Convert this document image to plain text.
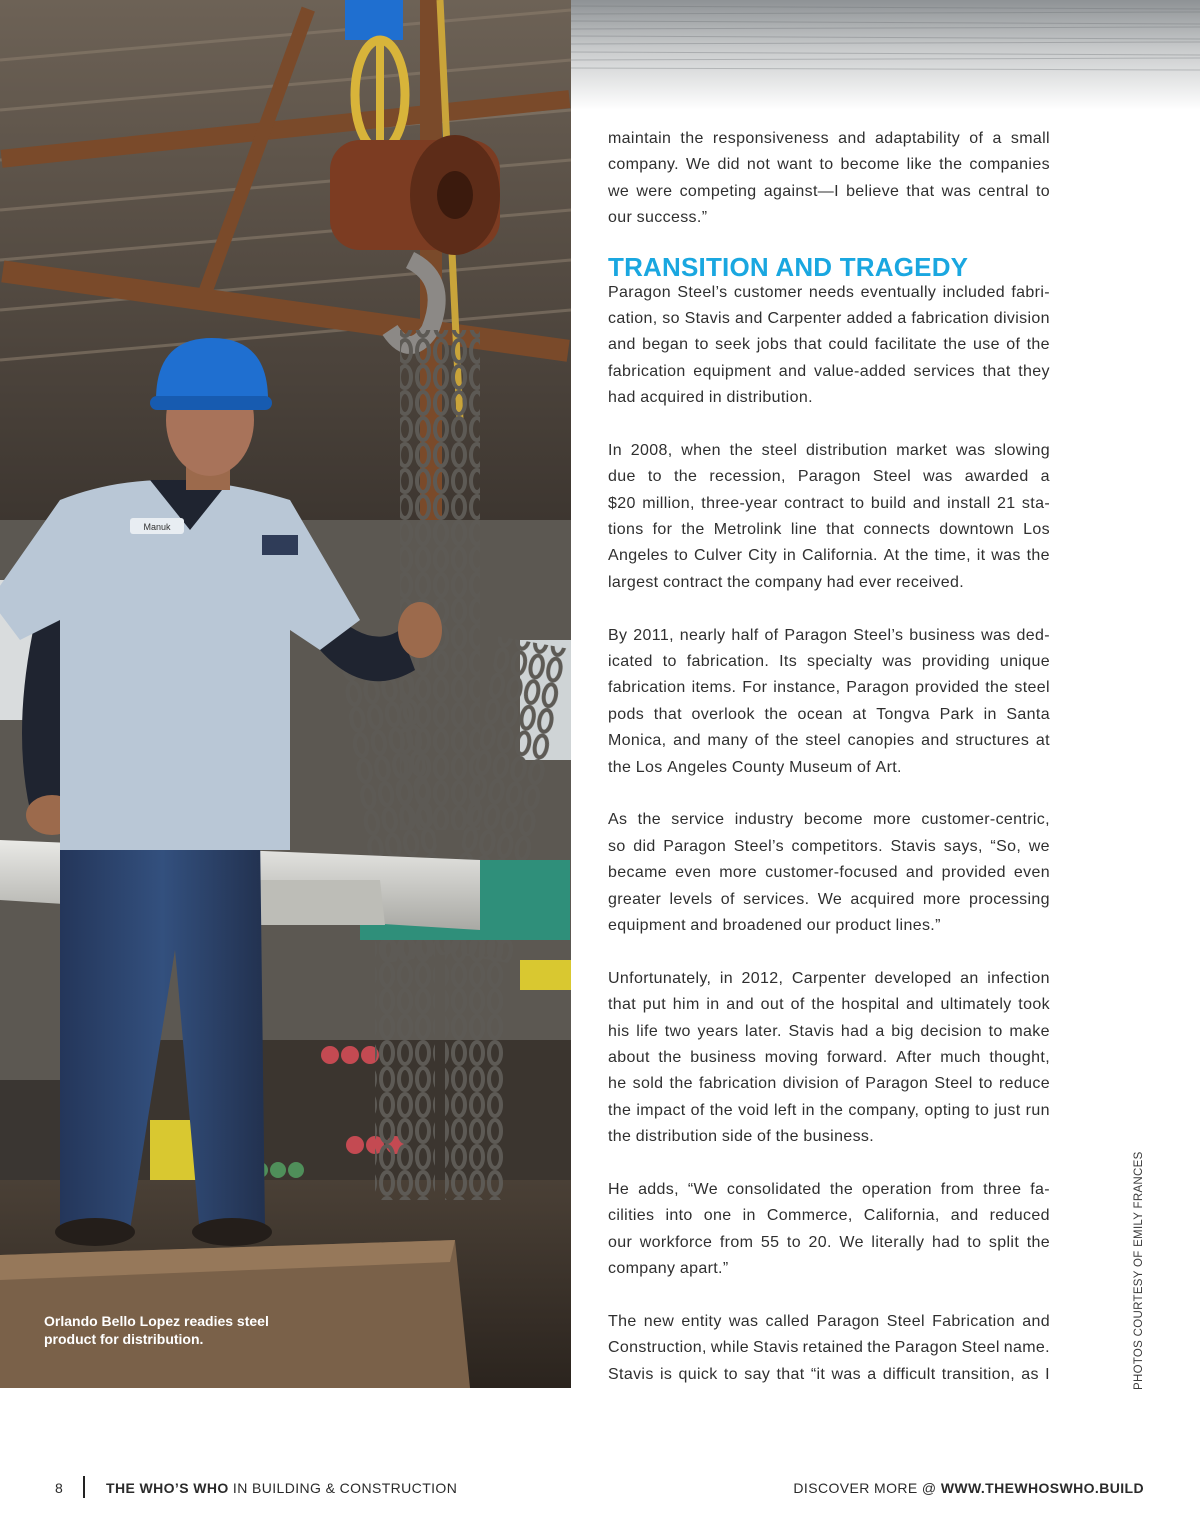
Manuk
Orlando Bello Lopez readies steel
product for distribution.
maintain the responsiveness and adaptability of a small
company. We did not want to become like the companies
we were competing against—I believe that was central to
our success.”
TRANSITION AND TRAGEDY
Paragon Steel’s customer needs eventually included fabri-
cation, so Stavis and Carpenter added a fabrication division
and began to seek jobs that could facilitate the use of the
fabrication equipment and value-added services that they
had acquired in distribution.
In 2008, when the steel distribution market was slowing
due to the recession, Paragon Steel was awarded a
$20 million, three-year contract to build and install 21 sta-
tions for the Metrolink line that connects downtown Los
Angeles to Culver City in California. At the time, it was the
largest contract the company had ever received.
By 2011, nearly half of Paragon Steel’s business was ded-
icated to fabrication. Its specialty was providing unique
fabrication items. For instance, Paragon provided the steel
pods that overlook the ocean at Tongva Park in Santa
Monica, and many of the steel canopies and structures at
the Los Angeles County Museum of Art.
As the service industry become more customer-centric,
so did Paragon Steel’s competitors. Stavis says, “So, we
became even more customer-focused and provided even
greater levels of services. We acquired more processing
equipment and broadened our product lines.”
Unfortunately, in 2012, Carpenter developed an infection
that put him in and out of the hospital and ultimately took
his life two years later. Stavis had a big decision to make
about the business moving forward. After much thought,
he sold the fabrication division of Paragon Steel to reduce
the impact of the void left in the company, opting to just run
the distribution side of the business.
He adds, “We consolidated the operation from three fa-
cilities into one in Commerce, California, and reduced
our workforce from 55 to 20. We literally had to split the
company apart.”
The new entity was called Paragon Steel Fabrication and
Construction, while Stavis retained the Paragon Steel name.
Stavis is quick to say that “it was a difficult transition, as I	PHOTOS COURTESY OF EMILY FRANCES
8	THE WHO’S WHO IN BUILDING & CONSTRUCTION	DISCOVER MORE @ WWW.THEWHOSWHO.BUILD
